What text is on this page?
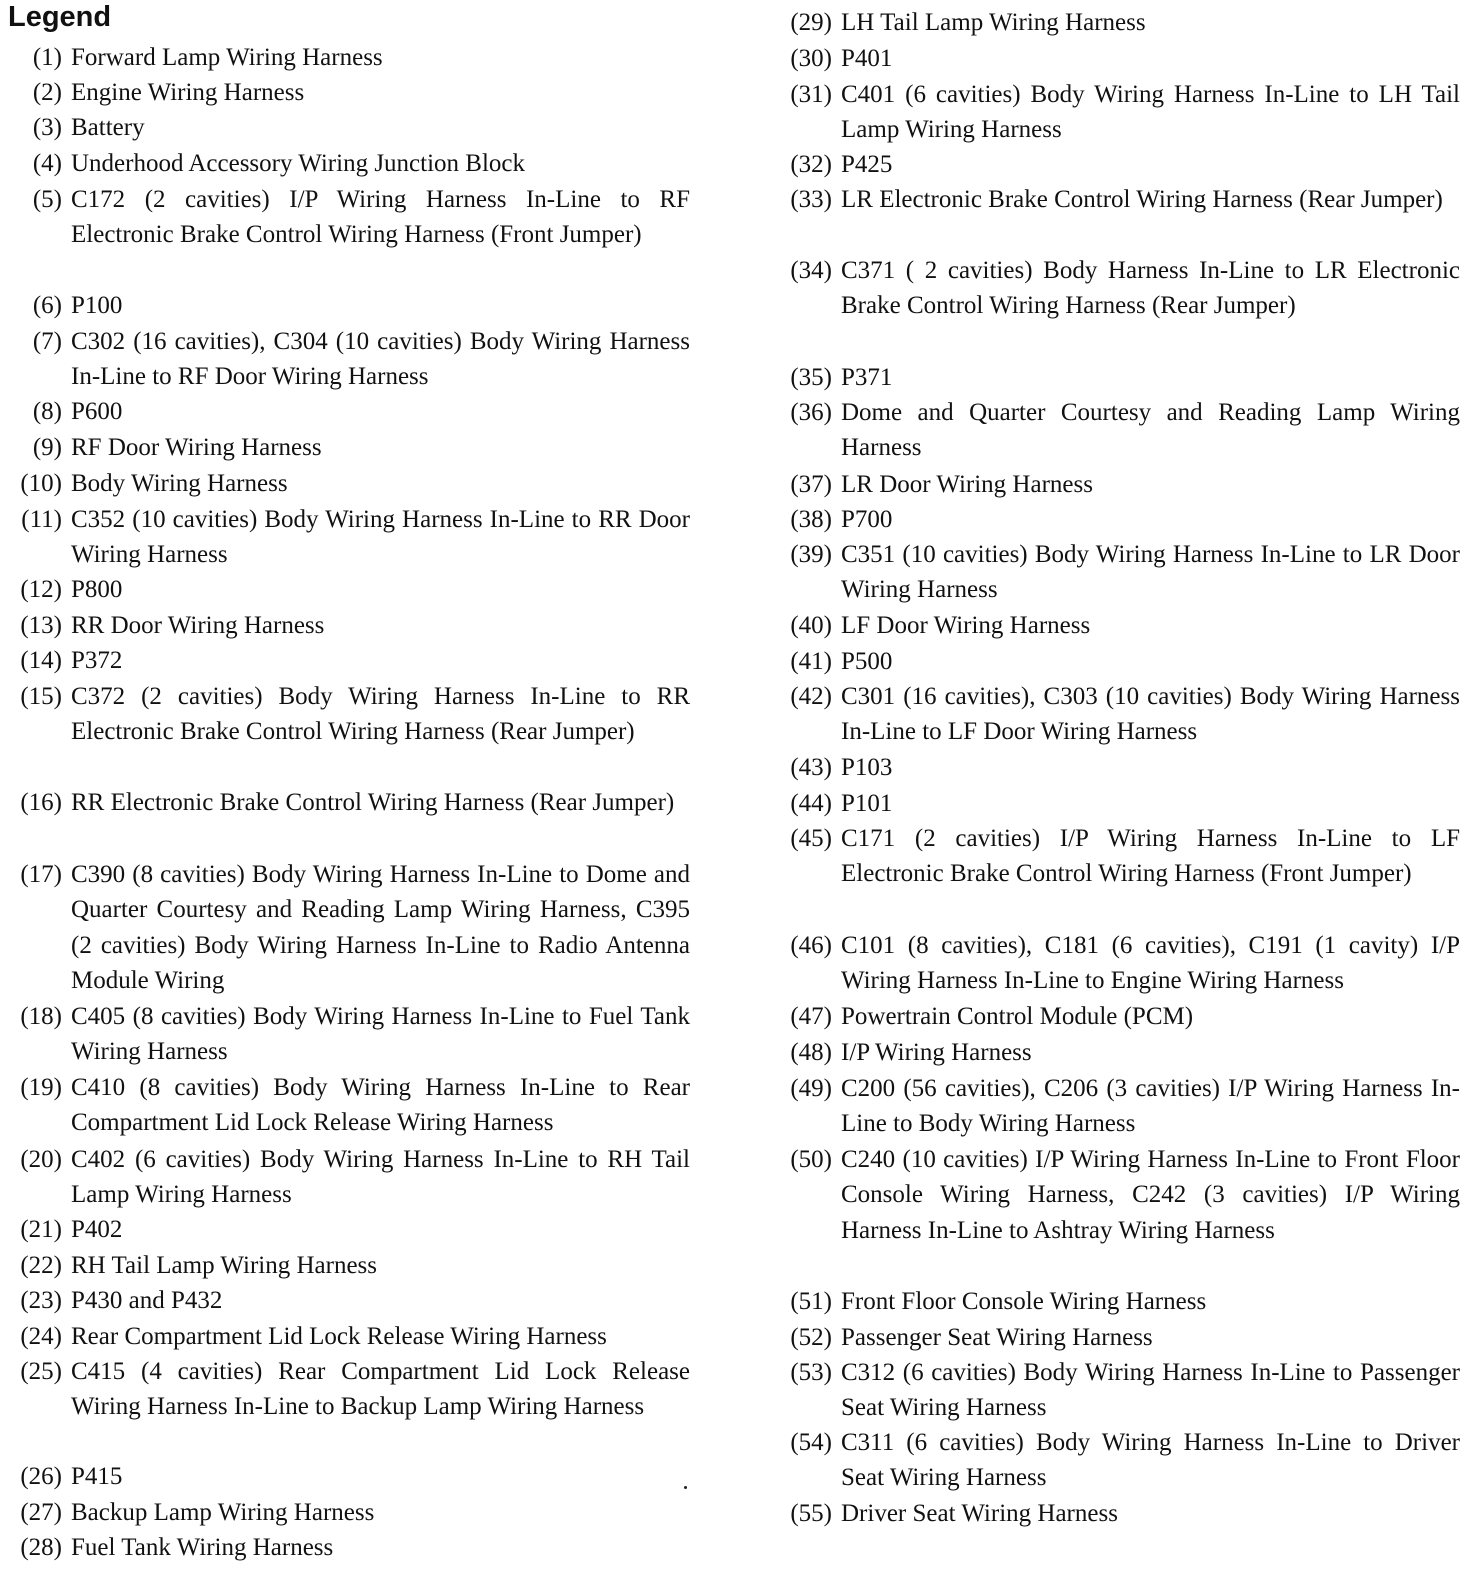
Legend
(1) Forward Lamp Wiring Harness
(2) Engine Wiring Harness
(3) Battery
(4) Underhood Accessory Wiring Junction Block
(5) C172 (2 cavities) I/P Wiring Harness In-Line to RF Electronic Brake Control Wiring Harness (Front Jumper)
(6) P100
(7) C302 (16 cavities), C304 (10 cavities) Body Wiring Harness In-Line to RF Door Wiring Harness
(8) P600
(9) RF Door Wiring Harness
(10) Body Wiring Harness
(11) C352 (10 cavities) Body Wiring Harness In-Line to RR Door Wiring Harness
(12) P800
(13) RR Door Wiring Harness
(14) P372
(15) C372 (2 cavities) Body Wiring Harness In-Line to RR Electronic Brake Control Wiring Harness (Rear Jumper)
(16) RR Electronic Brake Control Wiring Harness (Rear Jumper)
(17) C390 (8 cavities) Body Wiring Harness In-Line to Dome and Quarter Courtesy and Reading Lamp Wiring Harness, C395 (2 cavities) Body Wiring Harness In-Line to Radio Antenna Module Wiring
(18) C405 (8 cavities) Body Wiring Harness In-Line to Fuel Tank Wiring Harness
(19) C410 (8 cavities) Body Wiring Harness In-Line to Rear Compartment Lid Lock Release Wiring Harness
(20) C402 (6 cavities) Body Wiring Harness In-Line to RH Tail Lamp Wiring Harness
(21) P402
(22) RH Tail Lamp Wiring Harness
(23) P430 and P432
(24) Rear Compartment Lid Lock Release Wiring Harness
(25) C415 (4 cavities) Rear Compartment Lid Lock Release Wiring Harness In-Line to Backup Lamp Wiring Harness
(26) P415
(27) Backup Lamp Wiring Harness
(28) Fuel Tank Wiring Harness
(29) LH Tail Lamp Wiring Harness
(30) P401
(31) C401 (6 cavities) Body Wiring Harness In-Line to LH Tail Lamp Wiring Harness
(32) P425
(33) LR Electronic Brake Control Wiring Harness (Rear Jumper)
(34) C371 ( 2 cavities) Body Harness In-Line to LR Electronic Brake Control Wiring Harness (Rear Jumper)
(35) P371
(36) Dome and Quarter Courtesy and Reading Lamp Wiring Harness
(37) LR Door Wiring Harness
(38) P700
(39) C351 (10 cavities) Body Wiring Harness In-Line to LR Door Wiring Harness
(40) LF Door Wiring Harness
(41) P500
(42) C301 (16 cavities), C303 (10 cavities) Body Wiring Harness In-Line to LF Door Wiring Harness
(43) P103
(44) P101
(45) C171 (2 cavities) I/P Wiring Harness In-Line to LF Electronic Brake Control Wiring Harness (Front Jumper)
(46) C101 (8 cavities), C181 (6 cavities), C191 (1 cavity) I/P Wiring Harness In-Line to Engine Wiring Harness
(47) Powertrain Control Module (PCM)
(48) I/P Wiring Harness
(49) C200 (56 cavities), C206 (3 cavities) I/P Wiring Harness In-Line to Body Wiring Harness
(50) C240 (10 cavities) I/P Wiring Harness In-Line to Front Floor Console Wiring Harness, C242 (3 cavities) I/P Wiring Harness In-Line to Ashtray Wiring Harness
(51) Front Floor Console Wiring Harness
(52) Passenger Seat Wiring Harness
(53) C312 (6 cavities) Body Wiring Harness In-Line to Passenger Seat Wiring Harness
(54) C311 (6 cavities) Body Wiring Harness In-Line to Driver Seat Wiring Harness
(55) Driver Seat Wiring Harness
